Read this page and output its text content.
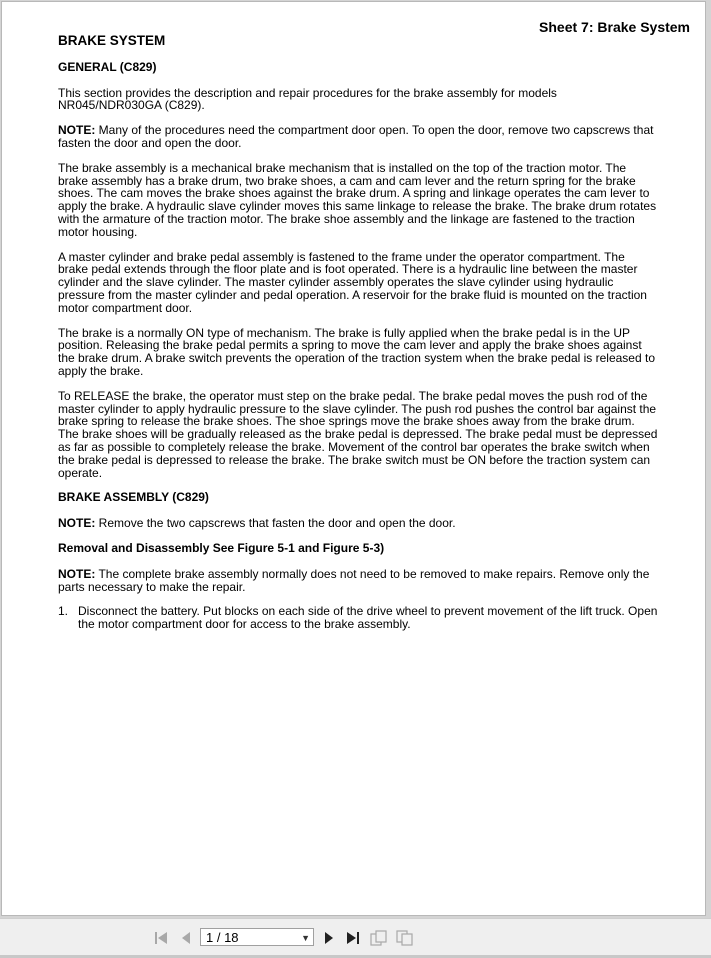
Sheet 7: Brake System
BRAKE SYSTEM
GENERAL (C829)
This section provides the description and repair procedures for the brake assembly for models NR045/NDR030GA (C829).
NOTE: Many of the procedures need the compartment door open. To open the door, remove two capscrews that fasten the door and open the door.
The brake assembly is a mechanical brake mechanism that is installed on the top of the traction motor. The brake assembly has a brake drum, two brake shoes, a cam and cam lever and the return spring for the brake shoes. The cam moves the brake shoes against the brake drum. A spring and linkage operates the cam lever to apply the brake. A hydraulic slave cylinder moves this same linkage to release the brake. The brake drum rotates with the armature of the traction motor. The brake shoe assembly and the linkage are fastened to the traction motor housing.
A master cylinder and brake pedal assembly is fastened to the frame under the operator compartment. The brake pedal extends through the floor plate and is foot operated. There is a hydraulic line between the master cylinder and the slave cylinder. The master cylinder assembly operates the slave cylinder using hydraulic pressure from the master cylinder and pedal operation. A reservoir for the brake fluid is mounted on the traction motor compartment door.
The brake is a normally ON type of mechanism. The brake is fully applied when the brake pedal is in the UP position. Releasing the brake pedal permits a spring to move the cam lever and apply the brake shoes against the brake drum. A brake switch prevents the operation of the traction system when the brake pedal is released to apply the brake.
To RELEASE the brake, the operator must step on the brake pedal. The brake pedal moves the push rod of the master cylinder to apply hydraulic pressure to the slave cylinder. The push rod pushes the control bar against the brake spring to release the brake shoes. The shoe springs move the brake shoes away from the brake drum. The brake shoes will be gradually released as the brake pedal is depressed. The brake pedal must be depressed as far as possible to completely release the brake. Movement of the control bar operates the brake switch when the brake pedal is depressed to release the brake. The brake switch must be ON before the traction system can operate.
BRAKE ASSEMBLY (C829)
NOTE: Remove the two capscrews that fasten the door and open the door.
Removal and Disassembly See Figure 5-1 and Figure 5-3)
NOTE: The complete brake assembly normally does not need to be removed to make repairs. Remove only the parts necessary to make the repair.
1. Disconnect the battery. Put blocks on each side of the drive wheel to prevent movement of the lift truck. Open the motor compartment door for access to the brake assembly.
1 / 18	▼
